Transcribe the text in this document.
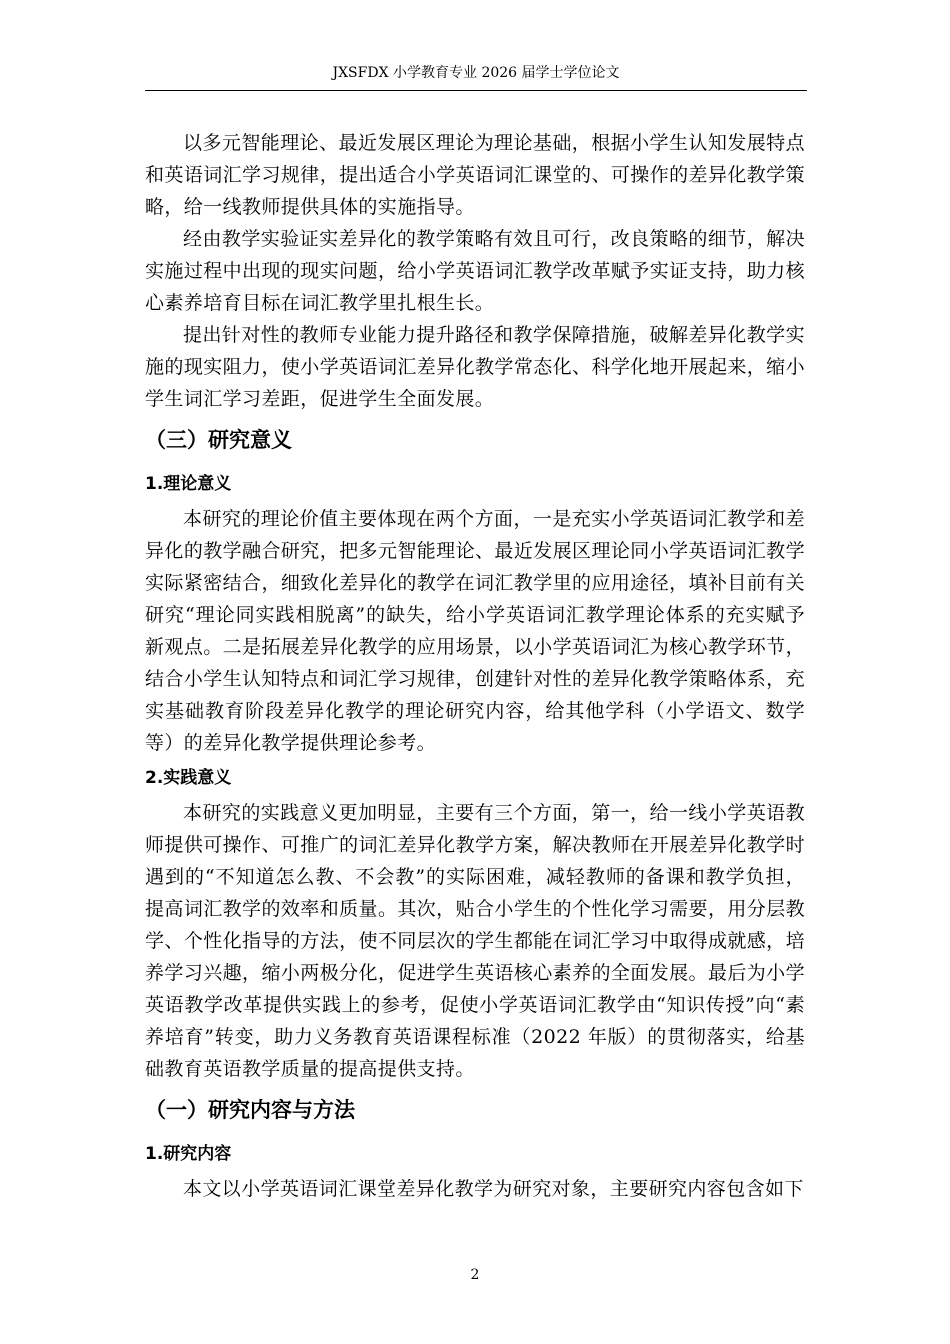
JXSFDX 小学教育专业 2026 届学士学位论文

以多元智能理论、最近发展区理论为理论基础，根据小学生认知发展特点和英语词汇学习规律，提出适合小学英语词汇课堂的、可操作的差异化教学策略，给一线教师提供具体的实施指导。

经由教学实验证实差异化的教学策略有效且可行，改良策略的细节，解决实施过程中出现的现实问题，给小学英语词汇教学改革赋予实证支持，助力核心素养培育目标在词汇教学里扎根生长。

提出针对性的教师专业能力提升路径和教学保障措施，破解差异化教学实施的现实阻力，使小学英语词汇差异化教学常态化、科学化地开展起来，缩小学生词汇学习差距，促进学生全面发展。

（三）研究意义
1.理论意义

本研究的理论价值主要体现在两个方面，一是充实小学英语词汇教学和差异化的教学融合研究，把多元智能理论、最近发展区理论同小学英语词汇教学实际紧密结合，细致化差异化的教学在词汇教学里的应用途径，填补目前有关研究“理论同实践相脱离”的缺失，给小学英语词汇教学理论体系的充实赋予新观点。二是拓展差异化教学的应用场景，以小学英语词汇为核心教学环节，结合小学生认知特点和词汇学习规律，创建针对性的差异化教学策略体系，充实基础教育阶段差异化教学的理论研究内容，给其他学科（小学语文、数学等）的差异化教学提供理论参考。

2.实践意义

本研究的实践意义更加明显，主要有三个方面，第一，给一线小学英语教师提供可操作、可推广的词汇差异化教学方案，解决教师在开展差异化教学时遇到的“不知道怎么教、不会教”的实际困难，减轻教师的备课和教学负担，提高词汇教学的效率和质量。其次，贴合小学生的个性化学习需要，用分层教学、个性化指导的方法，使不同层次的学生都能在词汇学习中取得成就感，培养学习兴趣，缩小两极分化，促进学生英语核心素养的全面发展。最后为小学英语教学改革提供实践上的参考，促使小学英语词汇教学由“知识传授”向“素养培育”转变，助力义务教育英语课程标准（2022 年版）的贯彻落实，给基础教育英语教学质量的提高提供支持。

（一）研究内容与方法
1.研究内容

本文以小学英语词汇课堂差异化教学为研究对象，主要研究内容包含如下

2
